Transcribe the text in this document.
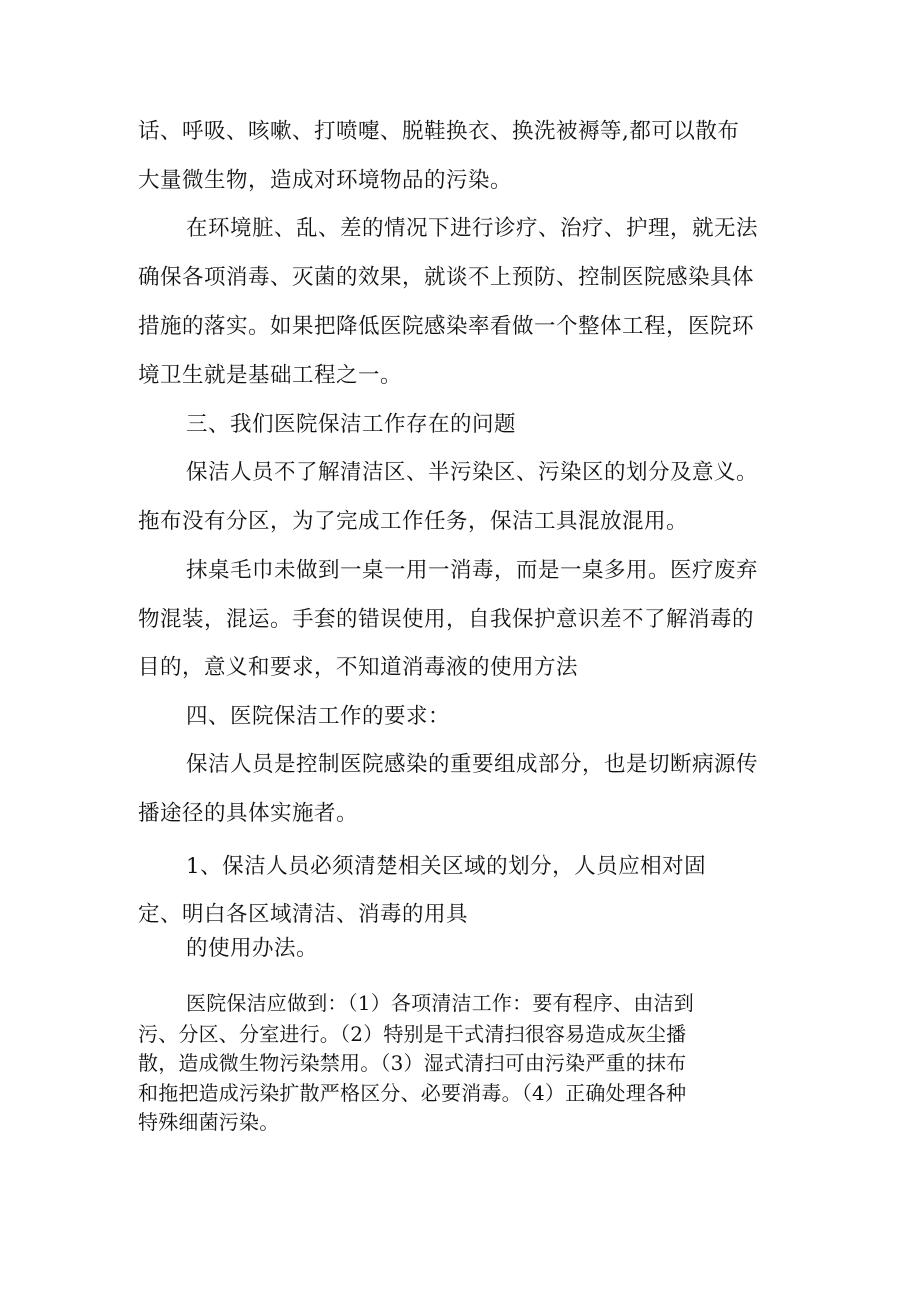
话、呼吸、咳嗽、打喷嚏、脱鞋换衣、换洗被褥等,都可以散布
大量微生物，造成对环境物品的污染。
在环境脏、乱、差的情况下进行诊疗、治疗、护理，就无法
确保各项消毒、灭菌的效果，就谈不上预防、控制医院感染具体
措施的落实。如果把降低医院感染率看做一个整体工程，医院环
境卫生就是基础工程之一。
三、我们医院保洁工作存在的问题
保洁人员不了解清洁区、半污染区、污染区的划分及意义。
拖布没有分区，为了完成工作任务，保洁工具混放混用。
抹桌毛巾未做到一桌一用一消毒，而是一桌多用。医疗废弃
物混装，混运。手套的错误使用，自我保护意识差不了解消毒的
目的，意义和要求，不知道消毒液的使用方法
四、医院保洁工作的要求：
保洁人员是控制医院感染的重要组成部分，也是切断病源传
播途径的具体实施者。
1、保洁人员必须清楚相关区域的划分，人员应相对固
定、明白各区域清洁、消毒的用具
的使用办法。
医院保洁应做到：（1）各项清洁工作：要有程序、由洁到
污、分区、分室进行。（2）特别是干式清扫很容易造成灰尘播
散，造成微生物污染禁用。（3）湿式清扫可由污染严重的抹布
和拖把造成污染扩散严格区分、必要消毒。（4）正确处理各种
特殊细菌污染。
